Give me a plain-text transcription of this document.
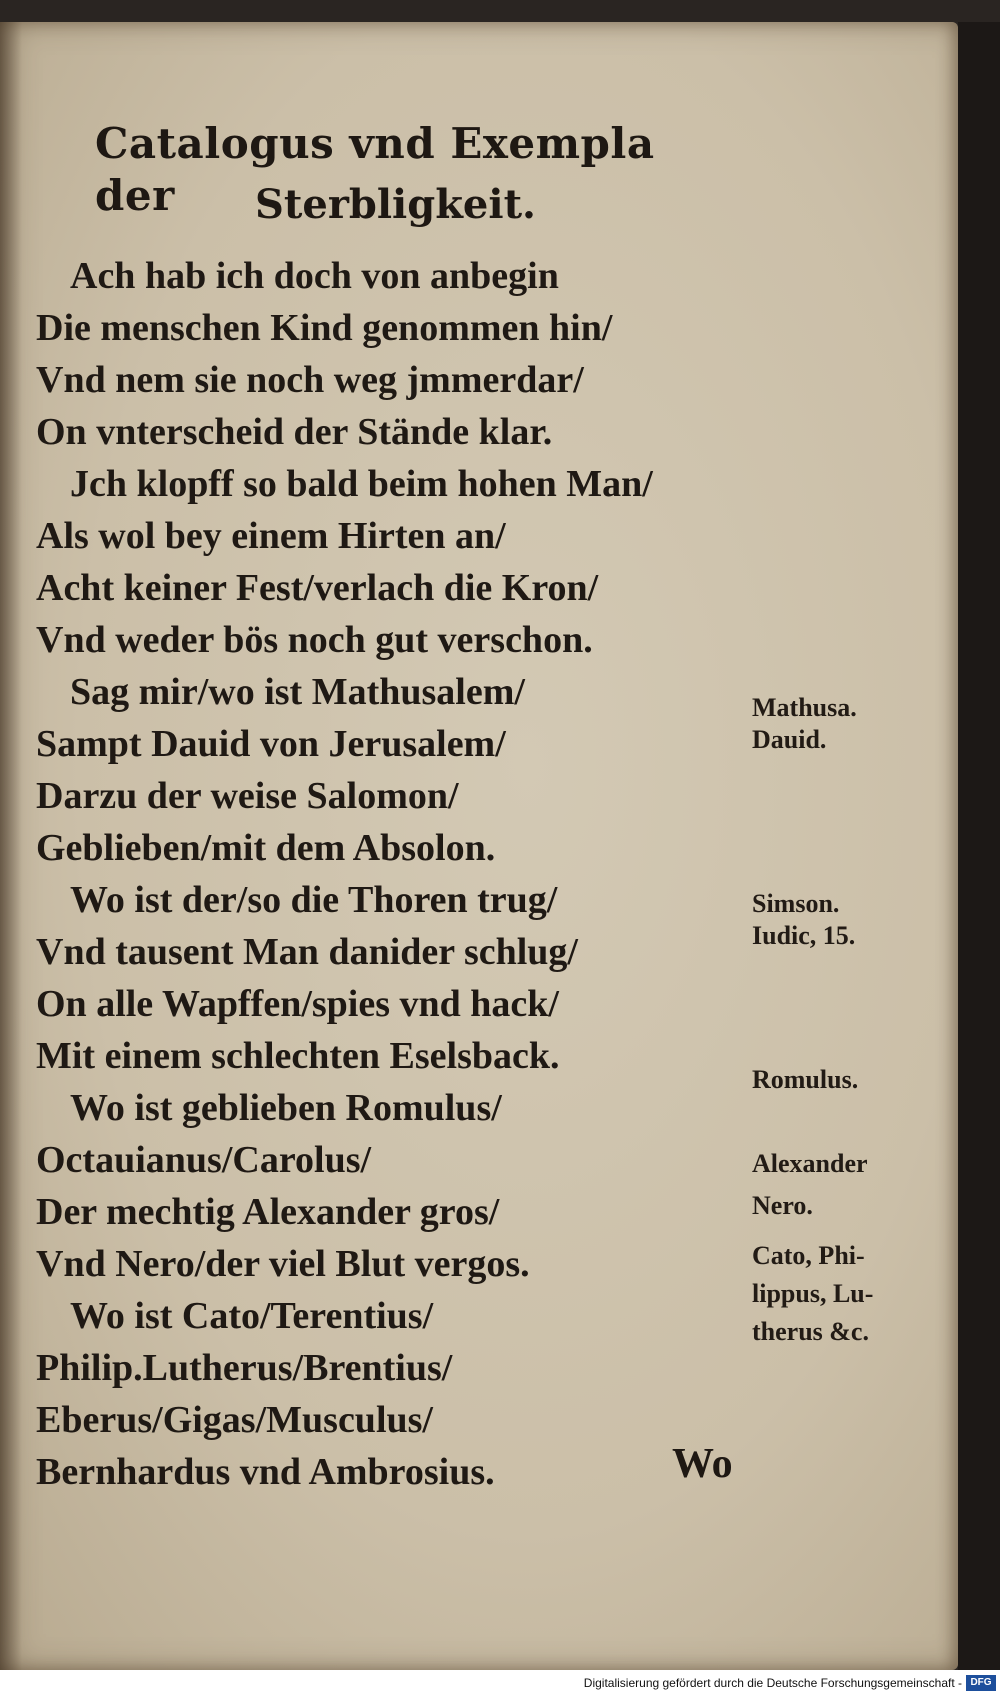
Catalogus vnd Exempla der	Sterbligkeit.
Ach hab ich doch von anbegin
Die menschen Kind genommen hin/
Vnd nem sie noch weg jmmerdar/
On vnterscheid der Stände klar.
Jch klopff so bald beim hohen Man/
Als wol bey einem Hirten an/
Acht keiner Fest/verlach die Kron/
Vnd weder bös noch gut verschon.
Sag mir/wo ist Mathusalem/
Sampt Dauid von Jerusalem/
Darzu der weise Salomon/
Geblieben/mit dem Absolon.
Wo ist der/so die Thoren trug/
Vnd tausent Man danider schlug/
On alle Wapffen/spies vnd hack/
Mit einem schlechten Eselsback.
Wo ist geblieben Romulus/
Octauianus/Carolus/
Der mechtig Alexander gros/
Vnd Nero/der viel Blut vergos.
Wo ist Cato/Terentius/
Philip.Lutherus/Brentius/
Eberus/Gigas/Musculus/
Bernhardus vnd Ambrosius.
Mathusa.
Dauid.
Simson.
Iudic, 15.
Romulus.
Alexander
Nero.
Cato, Phi-
lippus, Lu-
therus &c.
Wo
Digitalisierung gefördert durch die Deutsche Forschungsgemeinschaft - DFG
